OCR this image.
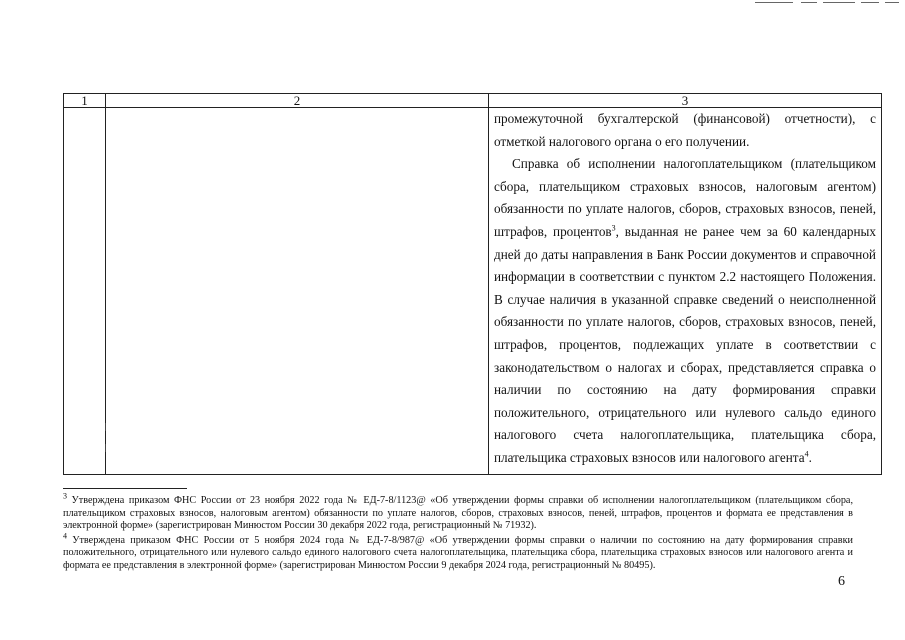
1	2	3

		промежуточной бухгалтерской (финансовой) отчетности), с отметкой налогового органа о его получении.

Справка об исполнении налогоплательщиком (плательщиком сбора, плательщиком страховых взносов, налоговым агентом) обязанности по уплате налогов, сборов, страховых взносов, пеней, штрафов, процентов$^3$, выданная не ранее чем за 60 календарных дней до даты направления в Банк России документов и справочной информации в соответствии с пунктом 2.2 настоящего Положения. В случае наличия в указанной справке сведений о неисполненной обязанности по уплате налогов, сборов, страховых взносов, пеней, штрафов, процентов, подлежащих уплате в соответствии с законодательством о налогах и сборах, представляется справка о наличии по состоянию на дату формирования справки положительного, отрицательного или нулевого сальдо единого налогового счета налогоплательщика, плательщика сбора, плательщика страховых взносов или налогового агента$^4$.

$^3$ Утверждена приказом ФНС России от 23 ноября 2022 года № ЕД-7-8/1123@ «Об утверждении формы справки об исполнении налогоплательщиком (плательщиком сбора, плательщиком страховых взносов, налоговым агентом) обязанности по уплате налогов, сборов, страховых взносов, пеней, штрафов, процентов и формата ее представления в электронной форме» (зарегистрирован Минюстом России 30 декабря 2022 года, регистрационный № 71932).

$^4$ Утверждена приказом ФНС России от 5 ноября 2024 года № ЕД-7-8/987@ «Об утверждении формы справки о наличии по состоянию на дату формирования справки положительного, отрицательного или нулевого сальдо единого налогового счета налогоплательщика, плательщика сбора, плательщика страховых взносов или налогового агента и формата ее представления в электронной форме» (зарегистрирован Минюстом России 9 декабря 2024 года, регистрационный № 80495).

6
